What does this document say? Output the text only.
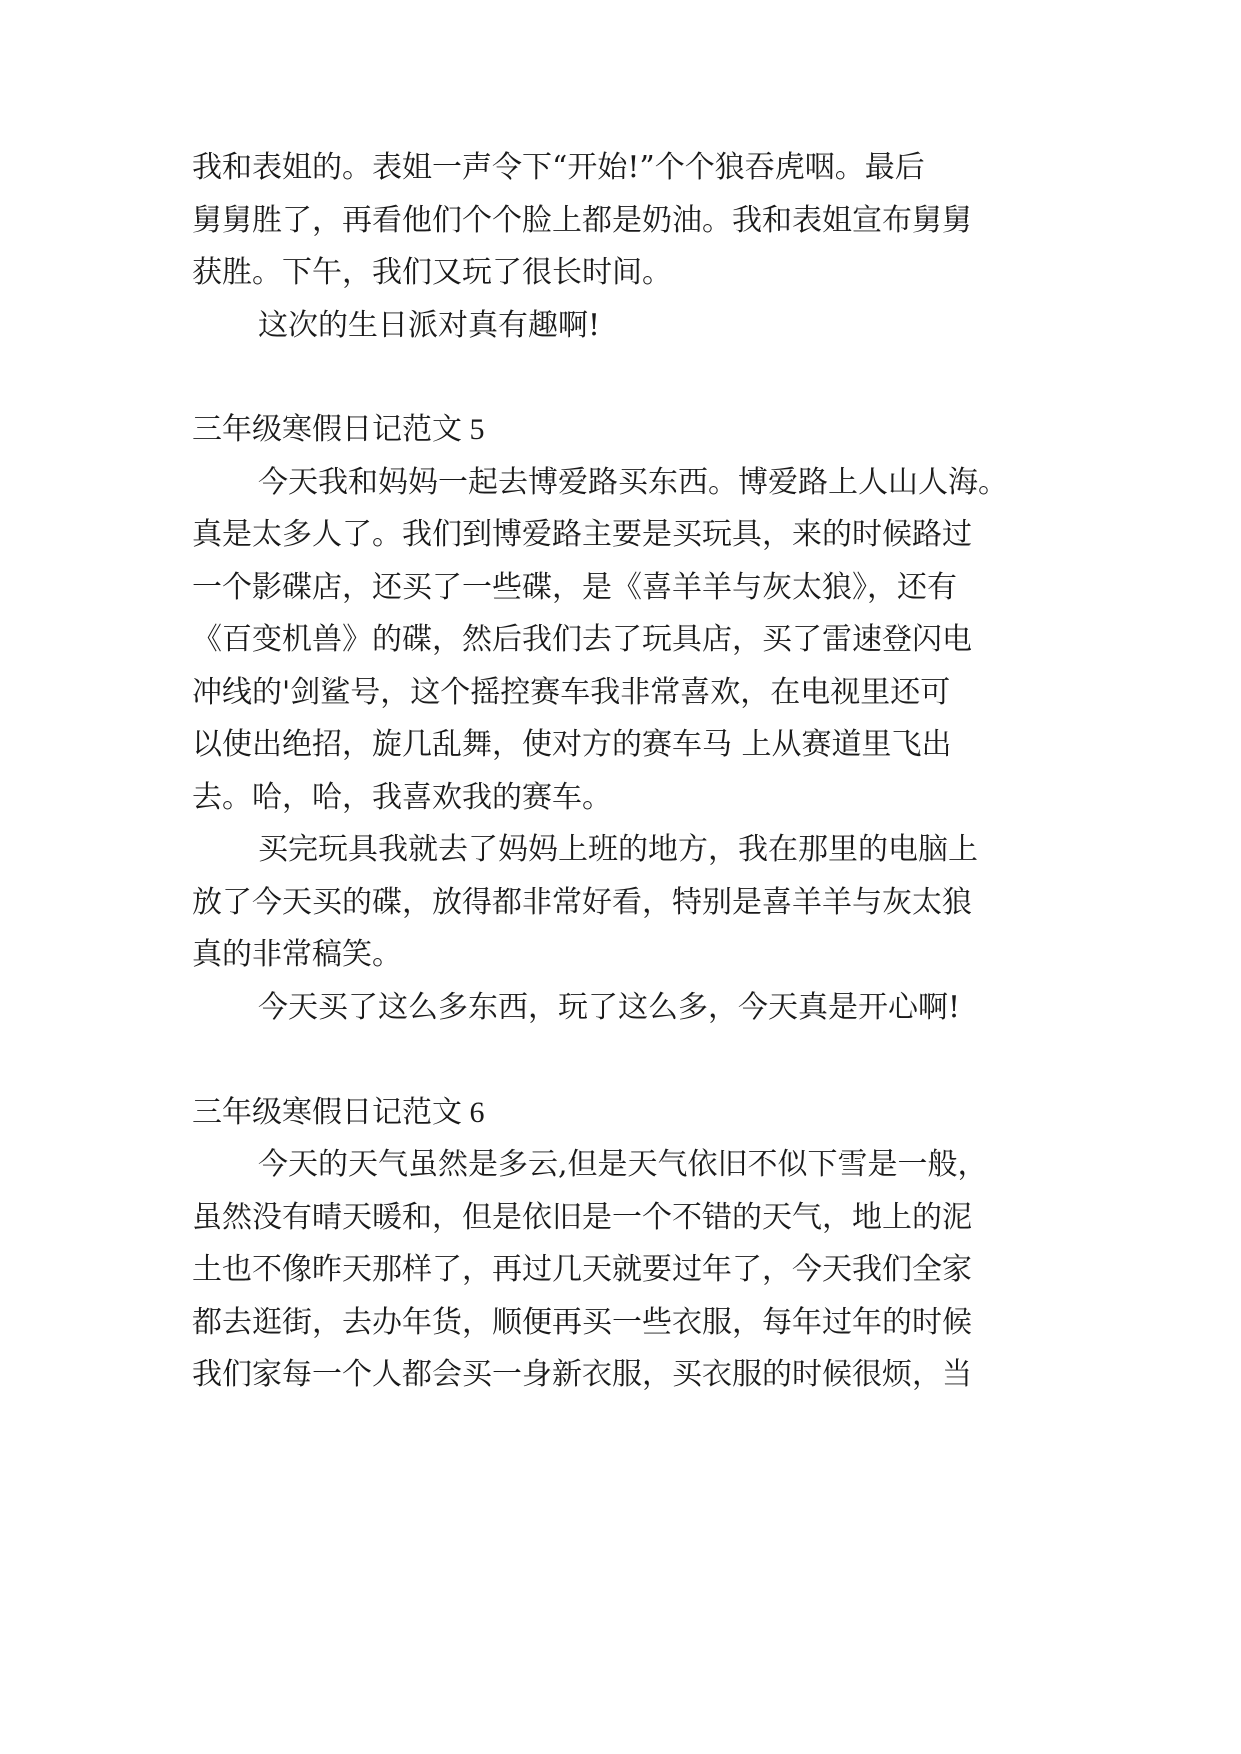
我和表姐的。表姐一声令下“开始!”个个狼吞虎咽。最后
舅舅胜了，再看他们个个脸上都是奶油。我和表姐宣布舅舅
获胜。下午，我们又玩了很长时间。
这次的生日派对真有趣啊!
三年级寒假日记范文 5
今天我和妈妈一起去博爱路买东西。博爱路上人山人海。
真是太多人了。我们到博爱路主要是买玩具，来的时候路过
一个影碟店，还买了一些碟，是《喜羊羊与灰太狼》，还有
《百变机兽》的碟，然后我们去了玩具店，买了雷速登闪电
冲线的'剑鲨号，这个摇控赛车我非常喜欢，在电视里还可
以使出绝招，旋几乱舞，使对方的赛车马 上从赛道里飞出
去。哈，哈，我喜欢我的赛车。
买完玩具我就去了妈妈上班的地方，我在那里的电脑上
放了今天买的碟，放得都非常好看，特别是喜羊羊与灰太狼
真的非常稿笑。
今天买了这么多东西，玩了这么多，今天真是开心啊!
三年级寒假日记范文 6
今天的天气虽然是多云,但是天气依旧不似下雪是一般，
虽然没有晴天暖和，但是依旧是一个不错的天气，地上的泥
土也不像昨天那样了，再过几天就要过年了，今天我们全家
都去逛街，去办年货，顺便再买一些衣服，每年过年的时候
我们家每一个人都会买一身新衣服，买衣服的时候很烦，当
